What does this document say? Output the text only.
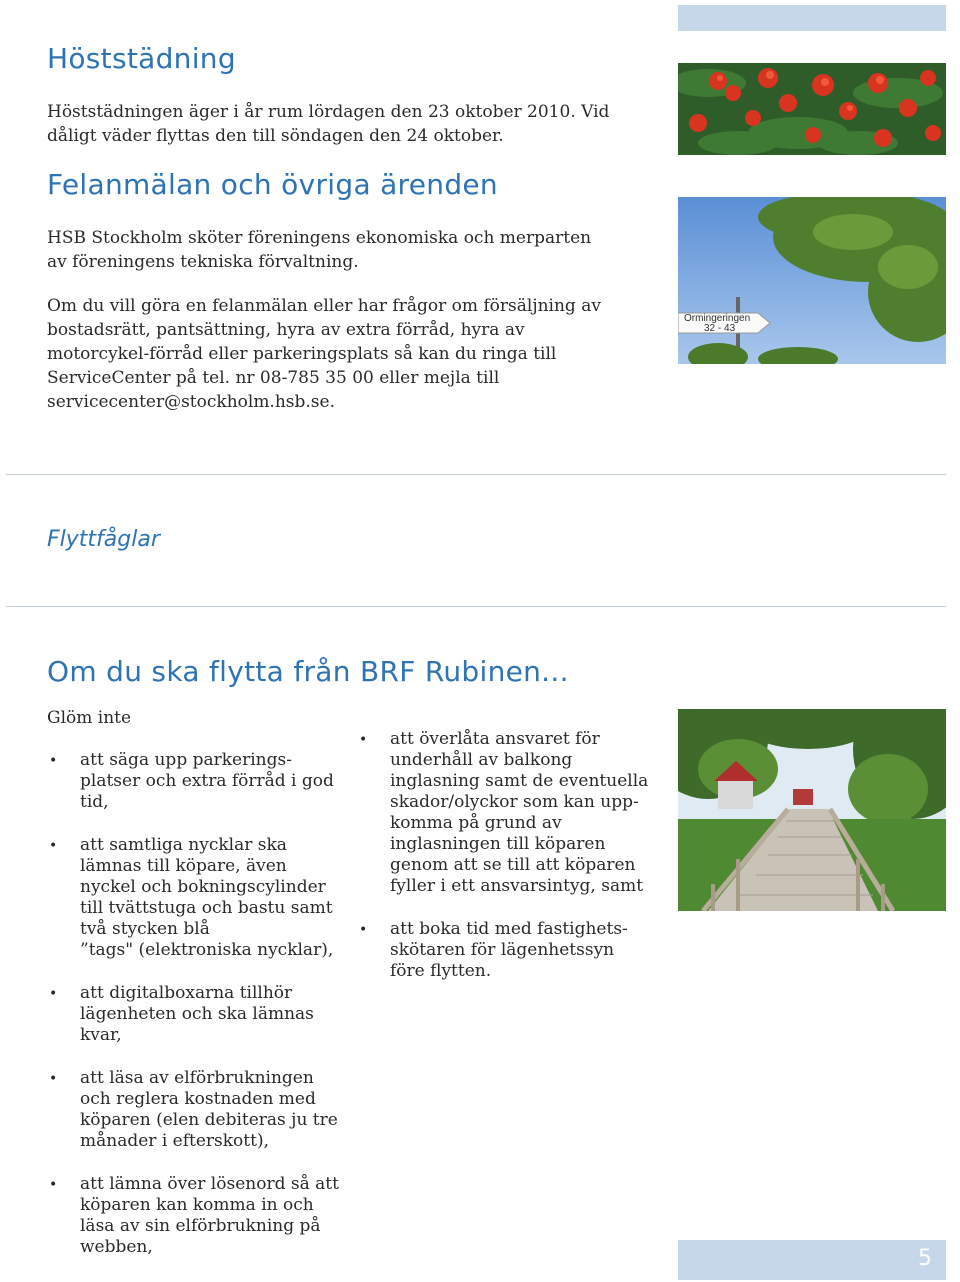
Höststädning

Höststädningen äger i år rum lördagen den 23 oktober 2010. Vid dåligt väder flyttas den till söndagen den 24 oktober.

Felanmälan och övriga ärenden

HSB Stockholm sköter föreningens ekonomiska och merparten av föreningens tekniska förvaltning.

Om du vill göra en felanmälan eller har frågor om försäljning av bostadsrätt, pantsättning, hyra av extra förråd, hyra av motorcykel-förråd eller parkeringsplats så kan du ringa till ServiceCenter på tel. nr 08-785 35 00 eller mejla till servicecenter@stockholm.hsb.se.

Ormingeringen
32 - 43
Flyttfåglar
Om du ska flytta från BRF Rubinen...

Glöm inte

• att säga upp parkerings-
platser och extra förråd i god
tid,
• att samtliga nycklar ska
lämnas till köpare, även
nyckel och bokningscylinder
till tvättstuga och bastu samt
två stycken blå
”tags" (elektroniska nycklar),
• att digitalboxarna tillhör
lägenheten och ska lämnas
kvar,
• att läsa av elförbrukningen
och reglera kostnaden med
köparen (elen debiteras ju tre
månader i efterskott),
• att lämna över lösenord så att
köparen kan komma in och
läsa av sin elförbrukning på
webben,
• att överlåta ansvaret för
underhåll av balkong
inglasning samt de eventuella
skador/olyckor som kan upp-
komma på grund av
inglasningen till köparen
genom att se till att köparen
fyller i ett ansvarsintyg, samt
• att boka tid med fastighets-
skötaren för lägenhetssyn
före flytten.
5
